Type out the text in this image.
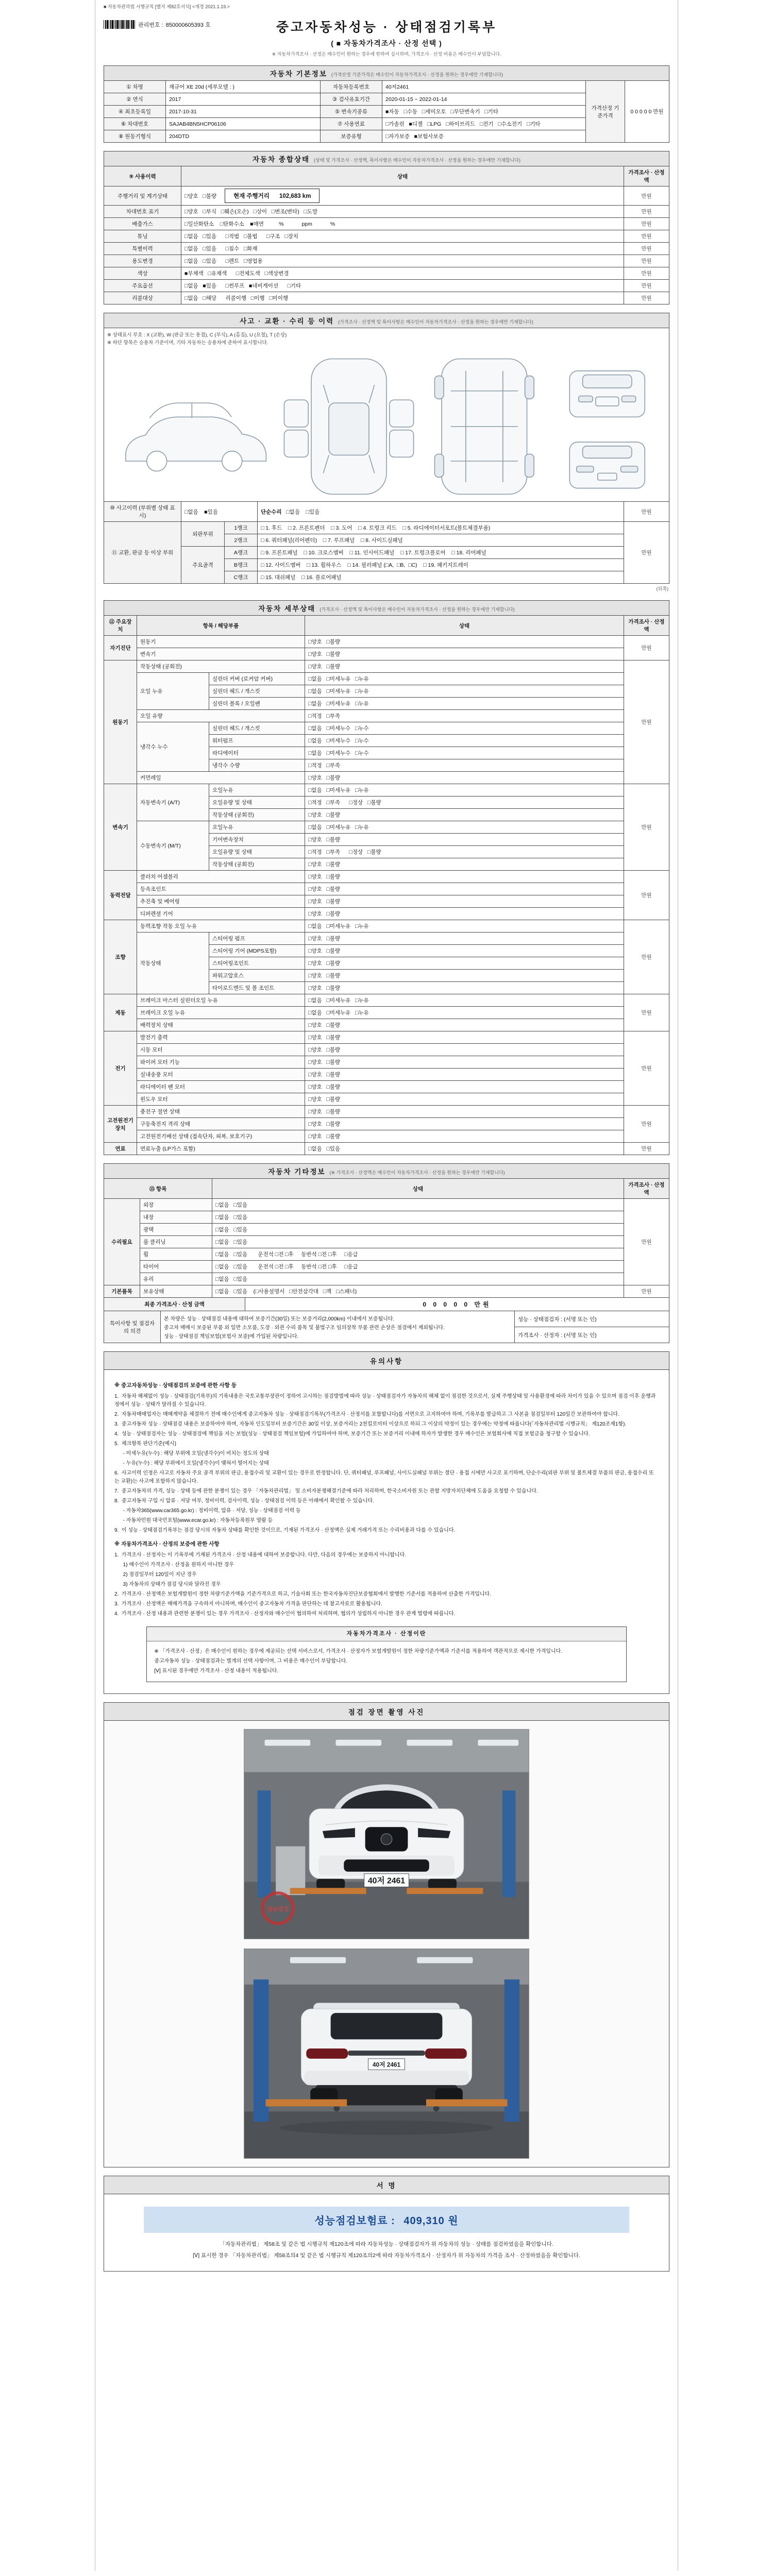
■ 자동차관리법 시행규칙 [별지 제82호서식] <개정 2021.1.19.>
관리번호 : 850000605393 호	중고자동차성능 · 상태점검기록부
( ■ 자동차가격조사 · 산정 선택 )
※ 자동차가격조사 · 산정은 매수인이 원하는 경우에 한하여 실시하며, 가격조사 · 산정 비용은 매수인이 부담합니다.
자동차 기본정보 (가격산정 기준가격은 매수인이 자동차가격조사 · 산정을 원하는 경우에만 기재합니다)					
① 차명	재규어 XE 20d (세부모델 : )	자동차등록번호	40저2461	가격산정 기준가격	0 0 0 0 0 만원
② 연식	2017	③ 검사유효기간	2020-01-15 ~ 2022-01-14		
④ 최초등록일	2017-10-31	⑤ 변속기종류	■자동   □수동   □세미오토   □무단변속기   □기타		
⑥ 차대번호	SAJAB4BN5HCP06106	⑦ 사용연료	□가솔린   ■디젤   □LPG   □하이브리드   □전기   □수소전기   □기타		
⑧ 원동기형식	204DTD	보증유형	□자가보증   ■보험사보증		
자동차 종합상태 (상태 및 가격조사 · 산정액, 특이사항은 매수인이 자동차가격조사 · 산정을 원하는 경우에만 기재합니다)		
⑨ 사용이력	상태	가격조사 · 산정액
주행거리 및 계기상태	□양호   □불량 현재 주행거리      102,683 km	만원
차대번호 표기	□양호   □부식   □훼손(오손)   □상이   □변조(변타)   □도말	만원
배출가스	□일산화탄소    □탄화수소    ■매연          %            ppm            %	만원
튜닝	□없음   □있음      □적법   □불법      □구조   □장치	만원
특별이력	□없음   □있음      □침수   □화재	만원
용도변경	□없음   □있음      □렌트   □영업용	만원
색상	■무채색   □유채색      □전체도색   □색상변경	만원
주요옵션	□없음   ■있음      □썬루프   ■네비게이션      □기타	만원
리콜대상	□없음   □해당      리콜이행   □이행   □미이행	만원
사고 · 교환 · 수리 등 이력 (가격조사 · 산정액 및 특이사항은 매수인이 자동차가격조사 · 산정을 원하는 경우에만 기재합니다)				

※ 상태표시 부호 : X (교환), W (판금 또는 용접), C (부식), A (흠집), U (요철), T (손상)
※ 하단 항목은 승용차 기준이며, 기타 자동차는 승용차에 준하여 표시합니다.				

⑩ 사고이력 (부위별 상태 표시)	□없음    ■있음		단순수리 □없음    □있음	만원
⑪ 교환, 판금 등 이상 부위	외판부위	1랭크	□ 1. 후드    □ 2. 프론트펜더    □ 3. 도어    □ 4. 트렁크 리드    □ 5. 라디에이터서포트(볼트체결부품)	만원
		2랭크	□ 6. 쿼터패널(리어펜더)    □ 7. 루프패널    □ 8. 사이드실패널	
	주요골격	A랭크	□ 9. 프론트패널    □ 10. 크로스멤버    □ 11. 인사이드패널    □ 17. 트렁크플로어    □ 18. 리어패널	
		B랭크	□ 12. 사이드멤버    □ 13. 휠하우스    □ 14. 필러패널 (□A,  □B,  □C)    □ 19. 패키지트레이	
		C랭크	□ 15. 대쉬패널    □ 16. 플로어패널	
(뒤쪽)
자동차 세부상태 (가격조사 · 산정액 및 특이사항은 매수인이 자동차가격조사 · 산정을 원하는 경우에만 기재합니다)				
⑫ 주요장치	항목 / 해당부품		상태	가격조사 · 산정액
자기진단	원동기		□양호   □불량	만원
	변속기		□양호   □불량	
원동기	작동상태 (공회전)		□양호   □불량	만원
	오일 누유	실린더 커버 (로커암 커버)	□없음   □미세누유   □누유	
		실린더 헤드 / 개스킷	□없음   □미세누유   □누유	
		실린더 블록 / 오일팬	□없음   □미세누유   □누유	
	오일 유량		□적정   □부족	
	냉각수 누수	실린더 헤드 / 개스킷	□없음   □미세누수   □누수	
		워터펌프	□없음   □미세누수   □누수	
		라디에이터	□없음   □미세누수   □누수	
		냉각수 수량	□적정   □부족	
	커먼레일		□양호   □불량	
변속기	자동변속기 (A/T)	오일누유	□없음   □미세누유   □누유	만원
		오일유량 및 상태	□적정   □부족      □정상   □불량	
		작동상태 (공회전)	□양호   □불량	
	수동변속기 (M/T)	오일누유	□없음   □미세누유   □누유	
		기어변속장치	□양호   □불량	
		오일유량 및 상태	□적정   □부족      □정상   □불량	
		작동상태 (공회전)	□양호   □불량	
동력전달	클러치 어셈블리		□양호   □불량	만원
	등속조인트		□양호   □불량	
	추진축 및 베어링		□양호   □불량	
	디퍼렌셜 기어		□양호   □불량	
조향	동력조향 작동 오일 누유		□없음   □미세누유   □누유	만원
	작동상태	스티어링 펌프	□양호   □불량	
		스티어링 기어 (MDPS포함)	□양호   □불량	
		스티어링조인트	□양호   □불량	
		파워고압호스	□양호   □불량	
		타이로드엔드 및 볼 조인트	□양호   □불량	
제동	브레이크 마스터 실린더오일 누유		□없음   □미세누유   □누유	만원
	브레이크 오일 누유		□없음   □미세누유   □누유	
	배력장치 상태		□양호   □불량	
전기	발전기 출력		□양호   □불량	만원
	시동 모터		□양호   □불량	
	와이퍼 모터 기능		□양호   □불량	
	실내송풍 모터		□양호   □불량	
	라디에이터 팬 모터		□양호   □불량	
	윈도우 모터		□양호   □불량	
고전원전기장치	충전구 절연 상태		□양호   □불량	만원
	구동축전지 격리 상태		□양호   □불량	
	고전원전기배선 상태 (접속단자, 피복, 보호기구)		□양호   □불량	
연료	연료누출 (LP가스 포함)		□없음   □있음	만원
자동차 기타정보 (※ 가격조사 · 산정액은 매수인이 자동차가격조사 · 산정을 원하는 경우에만 기재합니다)			
⑬ 항목		상태	가격조사 · 산정액
수리필요	외장	□없음   □있음	만원
	내장	□없음   □있음	
	광택	□없음   □있음	
	룸 클리닝	□없음   □있음	
	휠	□없음   □있음       운전석 □전 □후     동반석 □전 □후     □응급	
	타이어	□없음   □있음       운전석 □전 □후     동반석 □전 □후     □응급	
	유리	□없음   □있음	
기본품목	보유상태	□없음   □있음    (□사용설명서   □안전삼각대   □잭   □스패너)	만원
최종 가격조사 · 산정 금액	0 0 0 0 0 만원
특이사항 및 점검자의 의견	
본 차량은 성능 · 상태점검 내용에 대하여 보증기간(30일) 또는 보증거리(2,000km) 이내에서 보증됩니다.
중고차 매매시 보증된 부품 외 일반 소모품, 도장 · 외관 수리 품목 및 불법구조 임의장착 부품 관련 손상은 점검에서 제외됩니다.
성능 · 상태점검 책임보험(보험사 보증)에 가입된 차량입니다.
	성능 · 상태점검자 : (서명 또는 인)
가격조사 · 산정자 : (서명 또는 인)
유의사항
※ 중고자동차성능 · 상태점검의 보증에 관한 사항 등
1.  자동차 해체없이 성능 · 상태점검(기록부)의 기록내용은 국토교통부장관이 정하여 고시하는 점검방법에 따라 성능 · 상태점검자가 자동차의 해체 없이 점검한 것으로서, 실제 주행상태 및 사용환경에 따라 차이가 있을 수 있으며 점검 이후 운행과정에서 성능 · 상태가 달라질 수 있습니다.
2.  자동차매매업자는 매매계약을 체결하기 전에 매수인에게 중고자동차 성능 · 상태점검기록부(가격조사 · 산정서를 포함합니다)를 서면으로 고지하여야 하며, 기록부를 발급하고 그 사본을 점검일부터 120일간 보관하여야 합니다.
3.  중고자동차 성능 · 상태점검 내용은 보증하여야 하며, 자동차 인도일부터 보증기간은 30일 이상, 보증거리는 2천킬로미터 이상으로 하되 그 이상의 약정이 있는 경우에는 약정에 따릅니다(「자동차관리법 시행규칙」 제120조제1항).
4.  성능 · 상태점검자는 성능 · 상태점검에 책임을 지는 보험(성능 · 상태점검 책임보험)에 가입하여야 하며, 보증기간 또는 보증거리 이내에 하자가 발생한 경우 매수인은 보험회사에 직접 보험금을 청구할 수 있습니다.
5.  체크항목 판단기준(예시)
- 미세누유(누수) : 해당 부위에 오일(냉각수)이 비치는 정도의 상태
- 누유(누수) : 해당 부위에서 오일(냉각수)이 맺혀서 떨어지는 상태
6.  사고이력 인정은 사고로 자동차 주요 골격 부위의 판금, 용접수리 및 교환이 있는 경우로 한정합니다. 단, 쿼터패널, 루프패널, 사이드실패널 부위는 절단 · 용접 시에만 사고로 표기하며, 단순수리(외판 부위 및 볼트체결 부품의 판금, 용접수리 또는 교환)는 사고에 포함하지 않습니다.
7.  중고자동차의 가격, 성능 · 상태 등에 관한 분쟁이 있는 경우 「자동차관리법」 및 소비자분쟁해결기준에 따라 처리하며, 한국소비자원 또는 관할 지방자치단체에 도움을 요청할 수 있습니다.
8.  중고자동차 구입 시 압류 · 저당 여부, 정비이력, 검사이력, 성능 · 상태점검 이력 등은 아래에서 확인할 수 있습니다.
- 자동차365(www.car365.go.kr) : 정비이력, 압류 · 저당, 성능 · 상태점검 이력 등
- 자동차민원 대국민포털(www.ecar.go.kr) : 자동차등록원부 열람 등
9.  이 성능 · 상태점검기록부는 점검 당시의 자동차 상태를 확인한 것이므로, 기재된 가격조사 · 산정액은 실제 거래가격 또는 수리비용과 다를 수 있습니다.
※ 자동차가격조사 · 산정의 보증에 관한 사항
1.  가격조사 · 산정자는 이 기록부에 기재된 가격조사 · 산정 내용에 대하여 보증합니다. 다만, 다음의 경우에는 보증하지 아니합니다.
1) 매수인이 가격조사 · 산정을 원하지 아니한 경우
2) 점검일부터 120일이 지난 경우
3) 자동차의 상태가 점검 당시와 달라진 경우
2.  가격조사 · 산정액은 보험개발원이 정한 차량기준가액을 기준가격으로 하고, 기술사회 또는 한국자동차진단보증협회에서 발행한 기준서를 적용하여 산출한 가격입니다.
3.  가격조사 · 산정액은 매매가격을 구속하지 아니하며, 매수인이 중고자동차 가격을 판단하는 데 참고자료로 활용됩니다.
4.  가격조사 · 산정 내용과 관련한 분쟁이 있는 경우 가격조사 · 산정자와 매수인이 협의하여 처리하며, 협의가 성립하지 아니한 경우 관계 법령에 따릅니다.
자동차가격조사 · 산정이란
※ 「가격조사 · 산정」은 매수인이 원하는 경우에 제공되는 선택 서비스로서, 가격조사 · 산정자가 보험개발원이 정한 차량기준가액과 기준서를 적용하여 객관적으로 제시한 가격입니다.
중고자동차 성능 · 상태점검과는 별개의 선택 사항이며, 그 비용은 매수인이 부담합니다.
[Ⅴ] 표시된 경우에만 가격조사 · 산정 내용이 적용됩니다.
점검 장면 촬영 사진
40저 2461
성능점검
40저 2461
서 명
성능점검보험료 : 409,310 원
「자동차관리법」 제58조 및 같은 법 시행규칙 제120조에 따라 자동차성능 · 상태점검자가 위 자동차의 성능 · 상태를 점검하였음을 확인합니다.
[Ⅴ] 표시한 경우 「자동차관리법」 제58조의4 및 같은 법 시행규칙 제120조의2에 따라 자동차가격조사 · 산정자가 위 자동차의 가격을 조사 · 산정하였음을 확인합니다.
